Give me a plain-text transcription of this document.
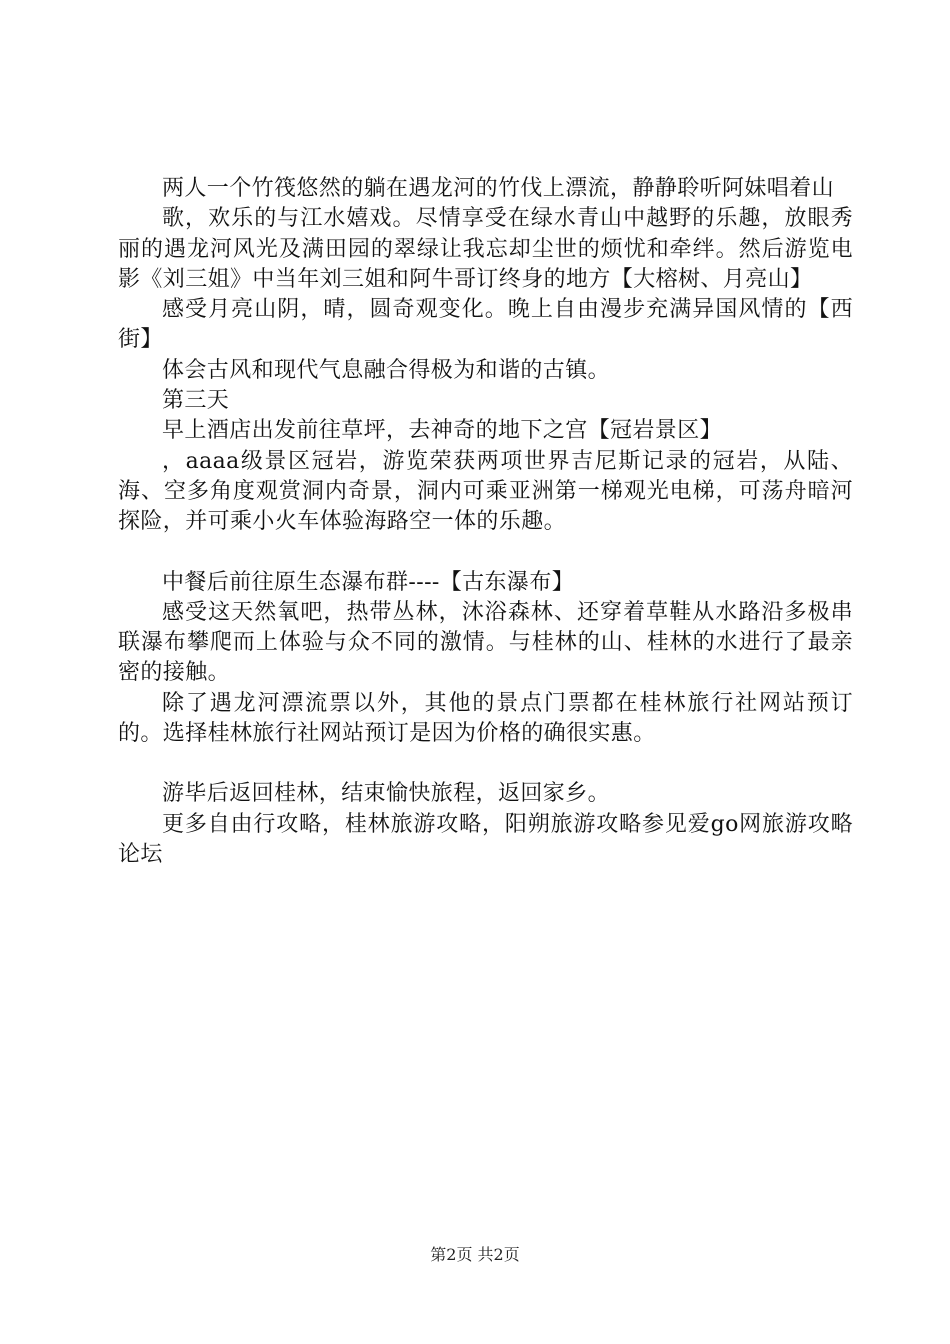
两人一个竹筏悠然的躺在遇龙河的竹伐上漂流，静静聆听阿妹唱着山

歌，欢乐的与江水嬉戏。尽情享受在绿水青山中越野的乐趣，放眼秀丽的遇龙河风光及满田园的翠绿让我忘却尘世的烦忧和牵绊。然后游览电影《刘三姐》中当年刘三姐和阿牛哥订终身的地方【大榕树、月亮山】

感受月亮山阴，晴，圆奇观变化。晚上自由漫步充满异国风情的【西街】

体会古风和现代气息融合得极为和谐的古镇。

第三天

早上酒店出发前往草坪，去神奇的地下之宫【冠岩景区】

，aaaa级景区冠岩，游览荣获两项世界吉尼斯记录的冠岩，从陆、海、空多角度观赏洞内奇景，洞内可乘亚洲第一梯观光电梯，可荡舟暗河探险，并可乘小火车体验海路空一体的乐趣。

中餐后前往原生态瀑布群----【古东瀑布】

感受这天然氧吧，热带丛林，沐浴森林、还穿着草鞋从水路沿多极串联瀑布攀爬而上体验与众不同的激情。与桂林的山、桂林的水进行了最亲密的接触。

除了遇龙河漂流票以外，其他的景点门票都在桂林旅行社网站预订的。选择桂林旅行社网站预订是因为价格的确很实惠。

游毕后返回桂林，结束愉快旅程，返回家乡。

更多自由行攻略，桂林旅游攻略，阳朔旅游攻略参见爱go网旅游攻略论坛

第2页 共2页
